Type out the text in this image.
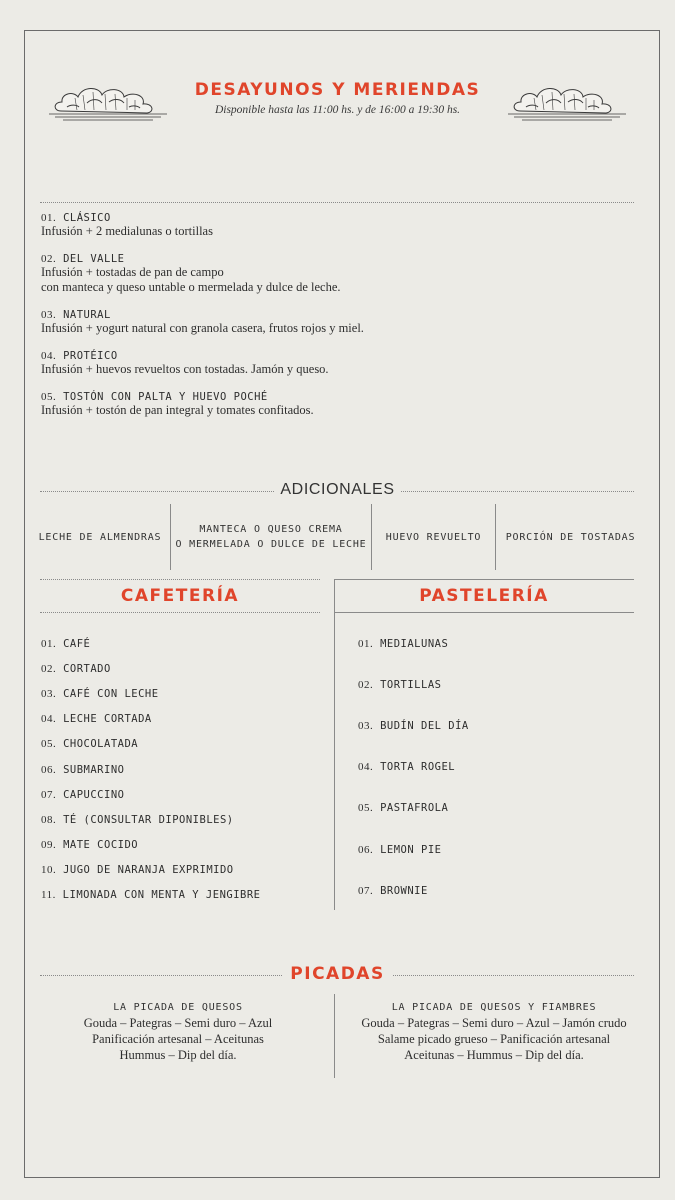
DESAYUNOS Y MERIENDAS
Disponible hasta las 11:00 hs. y de 16:00 a 19:30 hs.
01. CLÁSICO
Infusión + 2 medialunas o tortillas
02. DEL VALLE
Infusión + tostadas de pan de campo
con manteca y queso untable o mermelada y dulce de leche.
03. NATURAL
Infusión + yogurt natural con granola casera, frutos rojos y miel.
04. PROTÉICO
Infusión + huevos revueltos con tostadas. Jamón y queso.
05. TOSTÓN CON PALTA Y HUEVO POCHÉ
Infusión + tostón de pan integral y tomates confitados.
ADICIONALES
LECHE DE ALMENDRAS
MANTECA O QUESO CREMA
O MERMELADA O DULCE DE LECHE
HUEVO REVUELTO PORCIÓN DE TOSTADAS
CAFETERÍA	PASTELERÍA
01. CAFÉ
02. CORTADO
03. CAFÉ CON LECHE
04. LECHE CORTADA
05. CHOCOLATADA
06. SUBMARINO
07. CAPUCCINO
08. TÉ (CONSULTAR DIPONIBLES)
09. MATE COCIDO
10. JUGO DE NARANJA EXPRIMIDO
11. LIMONADA CON MENTA Y JENGIBRE
01. MEDIALUNAS
02. TORTILLAS
03. BUDÍN DEL DÍA
04. TORTA ROGEL
05. PASTAFROLA
06. LEMON PIE
07. BROWNIE
PICADAS
LA PICADA DE QUESOS
Gouda – Pategras – Semi duro – Azul
Panificación artesanal – Aceitunas
Hummus – Dip del día.
LA PICADA DE QUESOS Y FIAMBRES
Gouda – Pategras – Semi duro – Azul – Jamón crudo
Salame picado grueso – Panificación artesanal
Aceitunas – Hummus – Dip del día.
